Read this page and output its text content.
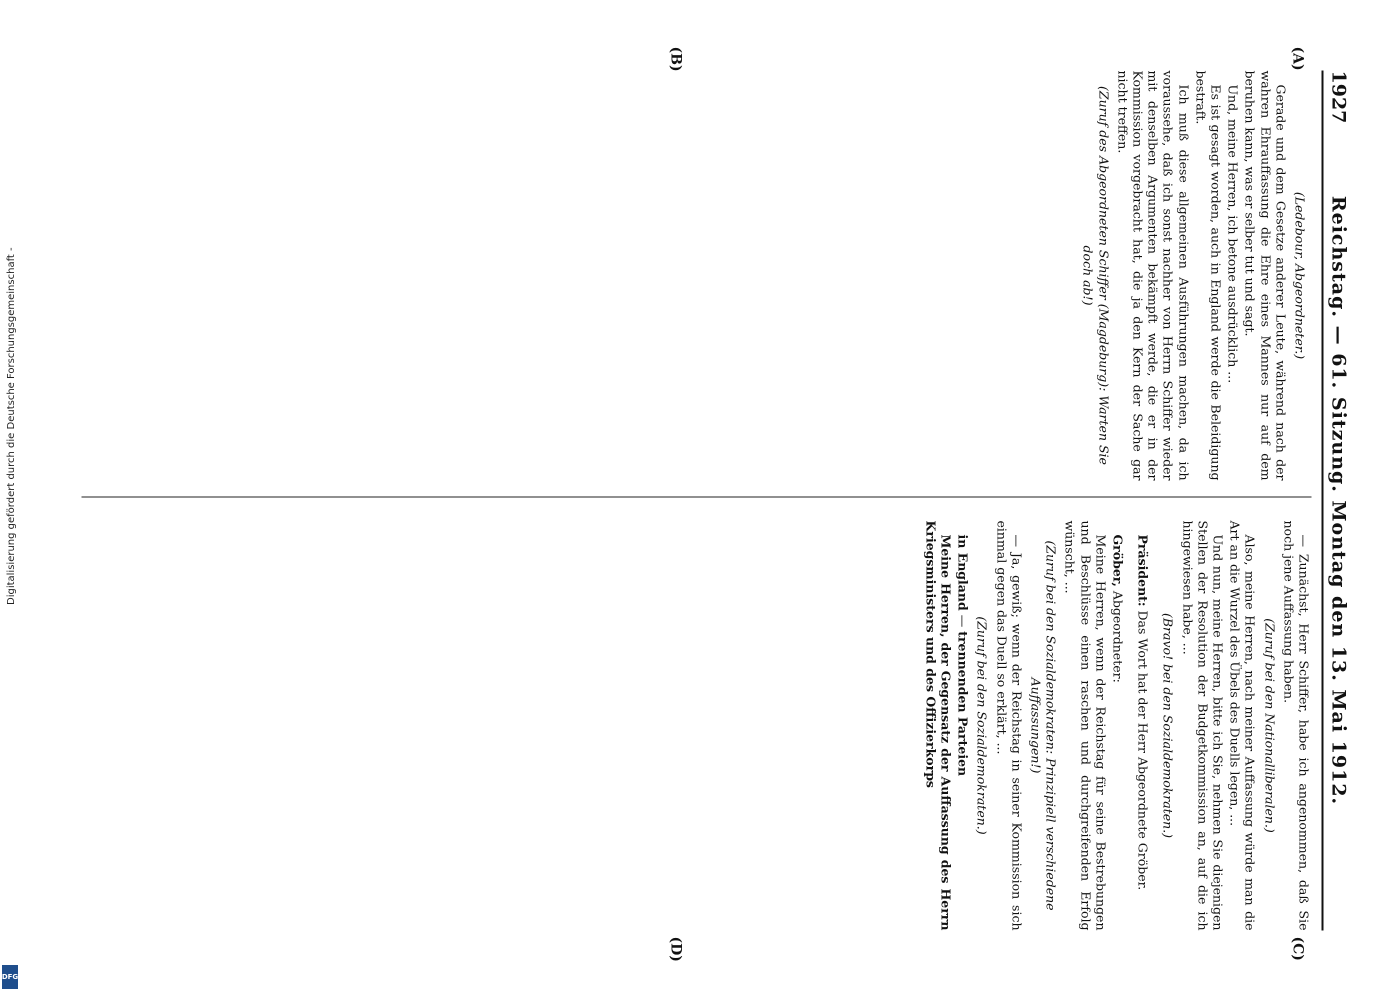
1927
Reichstag. — 61. Sitzung. Montag den 13. Mai 1912.
(A)
(B)
(C)
(D)

(Ledebour, Abgeordneter.)

Gerade und dem Gesetze anderer Leute, während nach der wahren Ehrauffassung die Ehre eines Mannes nur auf dem beruhen kann, was er selber tut und sagt.

Und, meine Herren, ich betone ausdrücklich ...

Es ist gesagt worden, auch in England werde die Beleidigung bestraft.

Ich muß diese allgemeinen Ausführungen machen, da ich voraussehe, daß ich sonst nachher von Herrn Schiffer wieder mit denselben Argumenten bekämpft werde, die er in der Kommission vorgebracht hat, die ja den Kern der Sache gar nicht treffen.

(Zuruf des Abgeordneten Schiffer (Magdeburg): Warten Sie doch ab!)

— Zunächst, Herr Schiffer, habe ich angenommen, daß Sie noch jene Auffassung haben.

(Zuruf bei den Nationalliberalen.)

Also, meine Herren, nach meiner Auffassung würde man die Art an die Wurzel des Übels des Duells legen, ...

Und nun, meine Herren, bitte ich Sie, nehmen Sie diejenigen Stellen der Resolution der Budgetkommission an, auf die ich hingewiesen habe, ...

(Bravo! bei den Sozialdemokraten.)

Präsident: Das Wort hat der Herr Abgeordnete Gröber.

Gröber, Abgeordneter:

Meine Herren, wenn der Reichstag für seine Bestrebungen und Beschlüsse einen raschen und durchgreifenden Erfolg wünscht, ...

(Zuruf bei den Sozialdemokraten: Prinzipiell verschiedene Auffassungen!)

— Ja, gewiß; wenn der Reichstag in seiner Kommission sich einmal gegen das Duell so erklärt, ...

(Zuruf bei den Sozialdemokraten.)

in England — trennenden Parteien

Meine Herren, der Gegensatz der Auffassung des Herrn Kriegsministers und des Offizierkorps

Digitalisierung gefördert durch die Deutsche Forschungsgemeinschaft -
DFG
